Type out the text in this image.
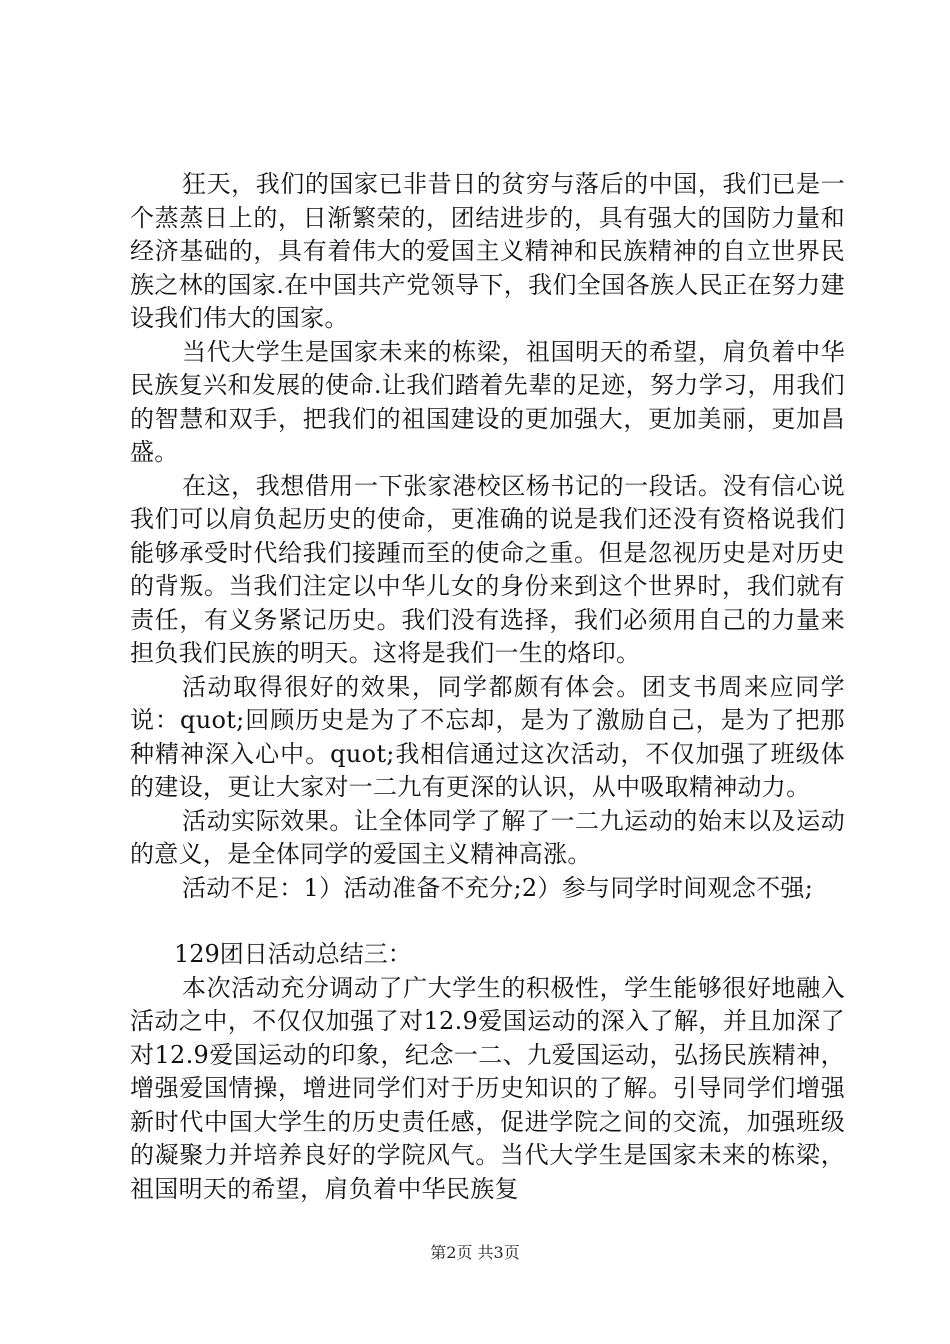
狂天，我们的国家已非昔日的贫穷与落后的中国，我们已是一个蒸蒸日上的，日渐繁荣的，团结进步的，具有强大的国防力量和经济基础的，具有着伟大的爱国主义精神和民族精神的自立世界民族之林的国家.在中国共产党领导下，我们全国各族人民正在努力建设我们伟大的国家。

当代大学生是国家未来的栋梁，祖国明天的希望，肩负着中华民族复兴和发展的使命.让我们踏着先辈的足迹，努力学习，用我们的智慧和双手，把我们的祖国建设的更加强大，更加美丽，更加昌盛。

在这，我想借用一下张家港校区杨书记的一段话。没有信心说我们可以肩负起历史的使命，更准确的说是我们还没有资格说我们能够承受时代给我们接踵而至的使命之重。但是忽视历史是对历史的背叛。当我们注定以中华儿女的身份来到这个世界时，我们就有责任，有义务紧记历史。我们没有选择，我们必须用自己的力量来担负我们民族的明天。这将是我们一生的烙印。

活动取得很好的效果，同学都颇有体会。团支书周来应同学说：quot;回顾历史是为了不忘却，是为了激励自己，是为了把那种精神深入心中。quot;我相信通过这次活动，不仅加强了班级体的建设，更让大家对一二九有更深的认识，从中吸取精神动力。

活动实际效果。让全体同学了解了一二九运动的始末以及运动的意义，是全体同学的爱国主义精神高涨。

活动不足：1）活动准备不充分;2）参与同学时间观念不强;

129团日活动总结三：

本次活动充分调动了广大学生的积极性，学生能够很好地融入活动之中，不仅仅加强了对12.9爱国运动的深入了解，并且加深了对12.9爱国运动的印象，纪念一二、九爱国运动，弘扬民族精神，增强爱国情操，增进同学们对于历史知识的了解。引导同学们增强新时代中国大学生的历史责任感，促进学院之间的交流，加强班级的凝聚力并培养良好的学院风气。当代大学生是国家未来的栋梁，祖国明天的希望，肩负着中华民族复

第2页 共3页
